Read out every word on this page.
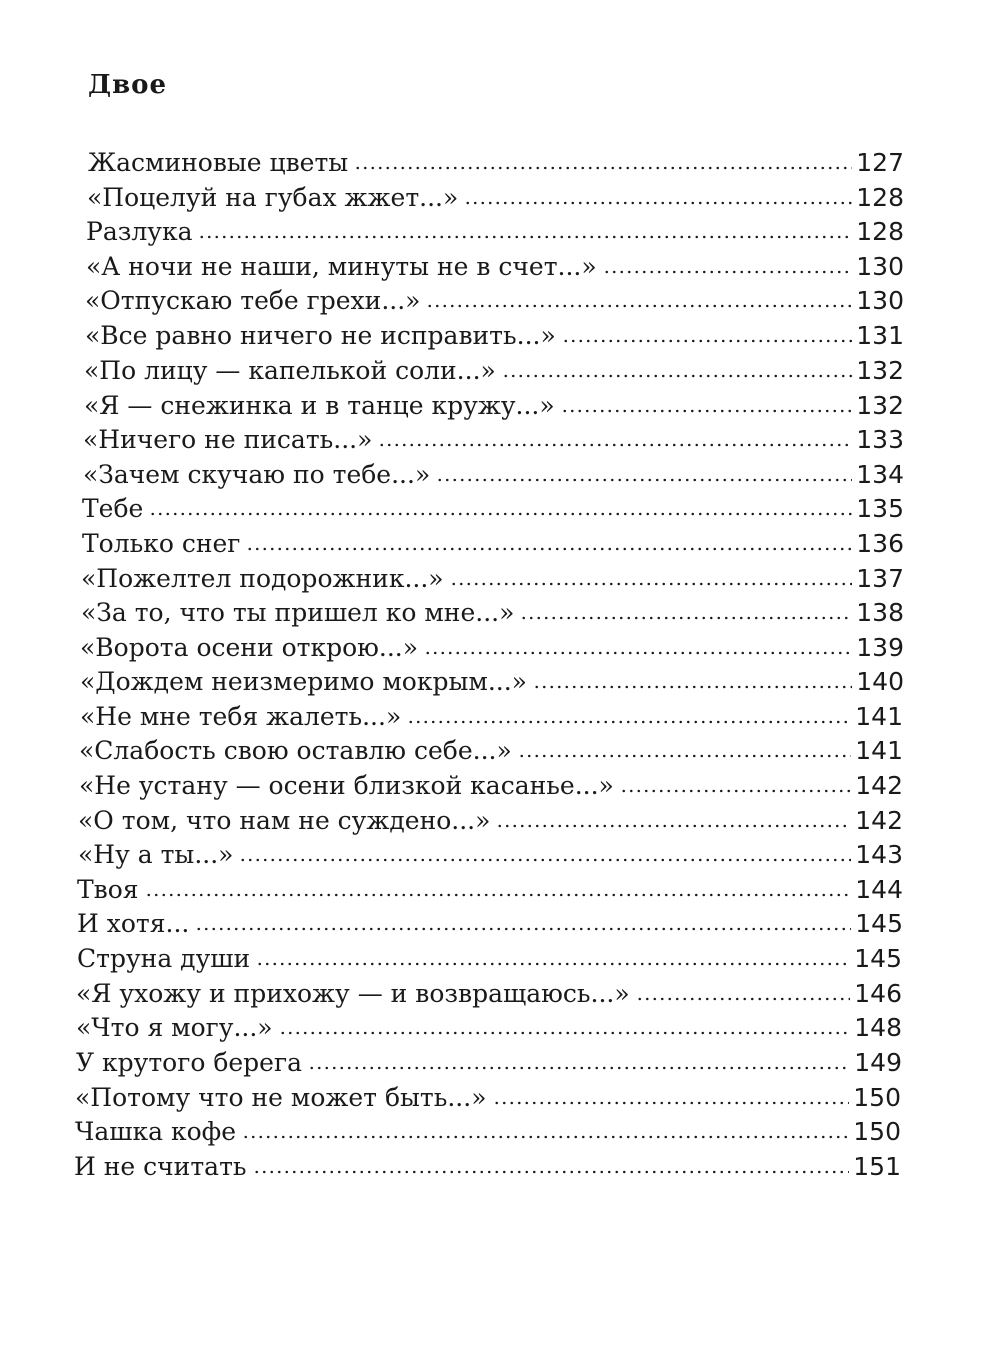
Двое
Жасминовые цветы	127
«Поцелуй на губах жжет...»	128
Разлука	128
«А ночи не наши, минуты не в счет...»	130
«Отпускаю тебе грехи...»	130
«Все равно ничего не исправить...»	131
«По лицу — капелькой соли...»	132
«Я — снежинка и в танце кружу...»	132
«Ничего не писать...»	133
«Зачем скучаю по тебе...»	134
Тебе	135
Только снег	136
«Пожелтел подорожник...»	137
«За то, что ты пришел ко мне...»	138
«Ворота осени открою...»	139
«Дождем неизмеримо мокрым...»	140
«Не мне тебя жалеть...»	141
«Слабость свою оставлю себе...»	141
«Не устану — осени близкой касанье...»	142
«О том, что нам не суждено...»	142
«Ну а ты...»	143
Твоя	144
И хотя...	145
Струна души	145
«Я ухожу и прихожу — и возвращаюсь...»	146
«Что я могу...»	148
У крутого берега	149
«Потому что не может быть...»	150
Чашка кофе	150
И не считать	151
